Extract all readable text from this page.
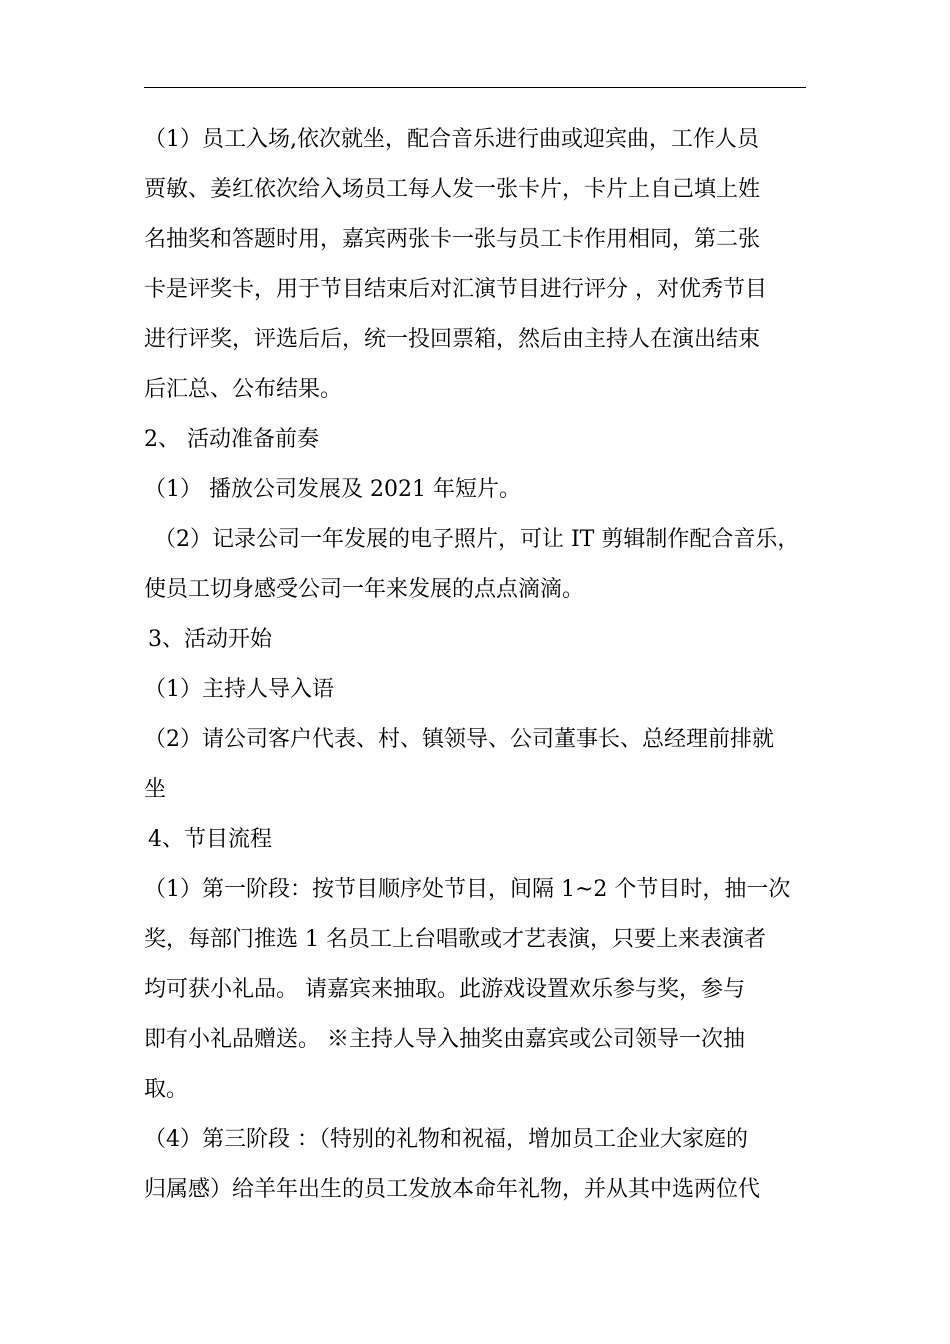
（1）员工入场,依次就坐，配合音乐进行曲或迎宾曲，工作人员
贾敏、姜红依次给入场员工每人发一张卡片，卡片上自己填上姓
名抽奖和答题时用，嘉宾两张卡一张与员工卡作用相同，第二张
卡是评奖卡，用于节目结束后对汇演节目进行评分 ，对优秀节目
进行评奖，评选后后，统一投回票箱，然后由主持人在演出结束
后汇总、公布结果。
2、 活动准备前奏
（1） 播放公司发展及 2021 年短片。
（2）记录公司一年发展的电子照片，可让 IT 剪辑制作配合音乐，
使员工切身感受公司一年来发展的点点滴滴。
3、活动开始
（1）主持人导入语
（2）请公司客户代表、村、镇领导、公司董事长、总经理前排就
坐
4、节目流程
（1）第一阶段：按节目顺序处节目，间隔 1~2 个节目时，抽一次
奖，每部门推选 1 名员工上台唱歌或才艺表演，只要上来表演者
均可获小礼品。 请嘉宾来抽取。此游戏设置欢乐参与奖，参与
即有小礼品赠送。 ※主持人导入抽奖由嘉宾或公司领导一次抽
取。
（4）第三阶段 ：（特别的礼物和祝福，增加员工企业大家庭的
归属感）给羊年出生的员工发放本命年礼物，并从其中选两位代
